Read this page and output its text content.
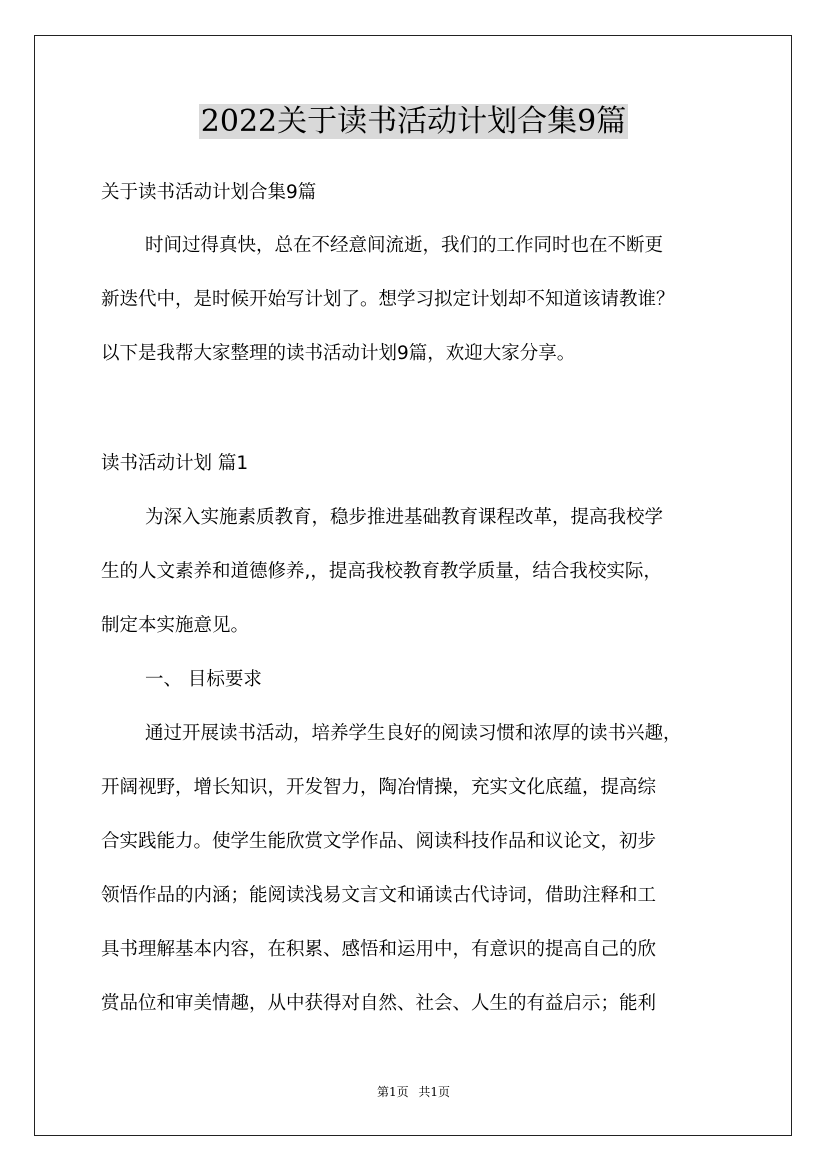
2022关于读书活动计划合集9篇
关于读书活动计划合集9篇
时间过得真快，总在不经意间流逝，我们的工作同时也在不断更
新迭代中，是时候开始写计划了。想学习拟定计划却不知道该请教谁？
以下是我帮大家整理的读书活动计划9篇，欢迎大家分享。
读书活动计划 篇1
为深入实施素质教育，稳步推进基础教育课程改革，提高我校学
生的人文素养和道德修养,，提高我校教育教学质量，结合我校实际，
制定本实施意见。
一、 目标要求
通过开展读书活动，培养学生良好的阅读习惯和浓厚的读书兴趣，
开阔视野，增长知识，开发智力，陶冶情操，充实文化底蕴，提高综
合实践能力。使学生能欣赏文学作品、阅读科技作品和议论文，初步
领悟作品的内涵；能阅读浅易文言文和诵读古代诗词，借助注释和工
具书理解基本内容，在积累、感悟和运用中，有意识的提高自己的欣
赏品位和审美情趣，从中获得对自然、社会、人生的有益启示；能利
第1页 共1页
